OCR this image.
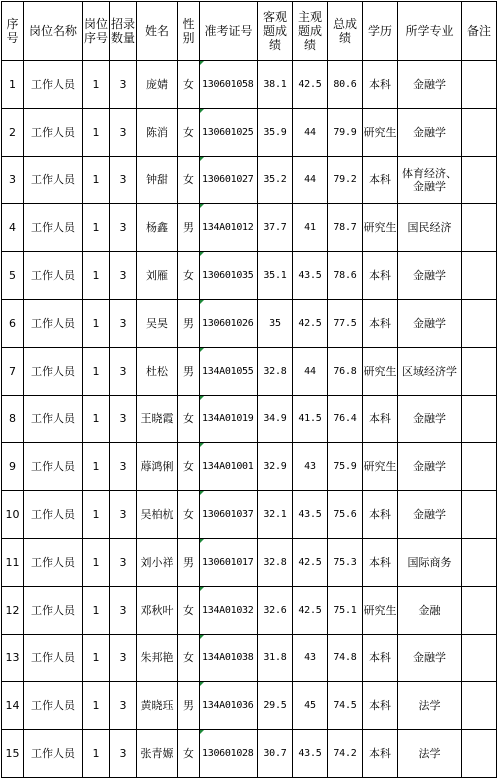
序号	岗位名称	岗位序号	招录数量	姓名	性别	准考证号	客观题成绩	主观题成绩	总成绩	学历	所学专业	备注
1	工作人员	1	3	庞婧	女	130601058	38.1	42.5	80.6	本科	金融学	
2	工作人员	1	3	陈消	女	130601025	35.9	44	79.9	研究生	金融学	
3	工作人员	1	3	钟甜	女	130601027	35.2	44	79.2	本科	体育经济、金融学	
4	工作人员	1	3	杨鑫	男	134A01012	37.7	41	78.7	研究生	国民经济	
5	工作人员	1	3	刘雁	女	130601035	35.1	43.5	78.6	本科	金融学	
6	工作人员	1	3	吴昊	男	130601026	35	42.5	77.5	本科	金融学	
7	工作人员	1	3	杜松	男	134A01055	32.8	44	76.8	研究生	区域经济学	
8	工作人员	1	3	王晓霞	女	134A01019	34.9	41.5	76.4	本科	金融学	
9	工作人员	1	3	蓐鸿俐	女	134A01001	32.9	43	75.9	研究生	金融学	
10	工作人员	1	3	吴柏杭	女	130601037	32.1	43.5	75.6	本科	金融学	
11	工作人员	1	3	刘小祥	男	130601017	32.8	42.5	75.3	本科	国际商务	
12	工作人员	1	3	邓秋叶	女	134A01032	32.6	42.5	75.1	研究生	金融	
13	工作人员	1	3	朱邦艳	女	134A01038	31.8	43	74.8	本科	金融学	
14	工作人员	1	3	黄晓珏	男	134A01036	29.5	45	74.5	本科	法学	
15	工作人员	1	3	张青嫄	女	130601028	30.7	43.5	74.2	本科	法学	
